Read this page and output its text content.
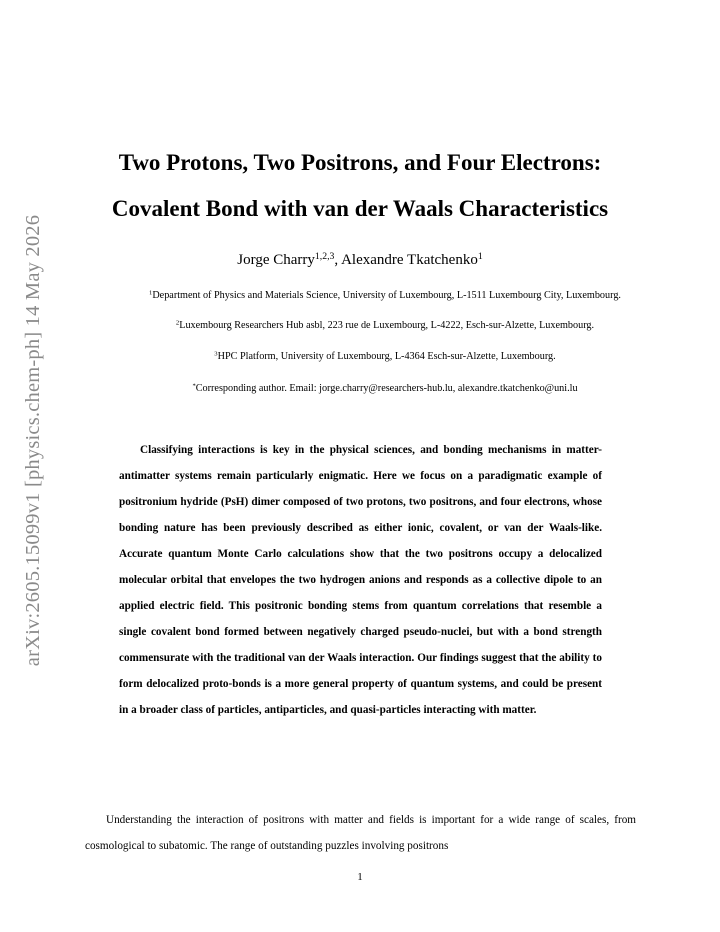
arXiv:2605.15099v1 [physics.chem-ph] 14 May 2026
Two Protons, Two Positrons, and Four Electrons:
Covalent Bond with van der Waals Characteristics
Jorge Charry$^{1,2,3}$, Alexandre Tkatchenko$^1$
$^1$Department of Physics and Materials Science, University of Luxembourg, L-1511 Luxembourg City, Luxembourg.
$^2$Luxembourg Researchers Hub asbl, 223 rue de Luxembourg, L-4222, Esch-sur-Alzette, Luxembourg.
$^3$HPC Platform, University of Luxembourg, L-4364 Esch-sur-Alzette, Luxembourg.
*Corresponding author. Email: jorge.charry@researchers-hub.lu, alexandre.tkatchenko@uni.lu
Classifying interactions is key in the physical sciences, and bonding mechanisms in matter-antimatter systems remain particularly enigmatic. Here we focus on a paradigmatic example of positronium hydride (PsH) dimer composed of two protons, two positrons, and four electrons, whose bonding nature has been previously described as either ionic, covalent, or van der Waals-like. Accurate quantum Monte Carlo calculations show that the two positrons occupy a delocalized molecular orbital that envelopes the two hydrogen anions and responds as a collective dipole to an applied electric field. This positronic bonding stems from quantum correlations that resemble a single covalent bond formed between negatively charged pseudo-nuclei, but with a bond strength commensurate with the traditional van der Waals interaction. Our findings suggest that the ability to form delocalized proto-bonds is a more general property of quantum systems, and could be present in a broader class of particles, antiparticles, and quasi-particles interacting with matter.
Understanding the interaction of positrons with matter and fields is important for a wide range of scales, from cosmological to subatomic. The range of outstanding puzzles involving positrons
1
